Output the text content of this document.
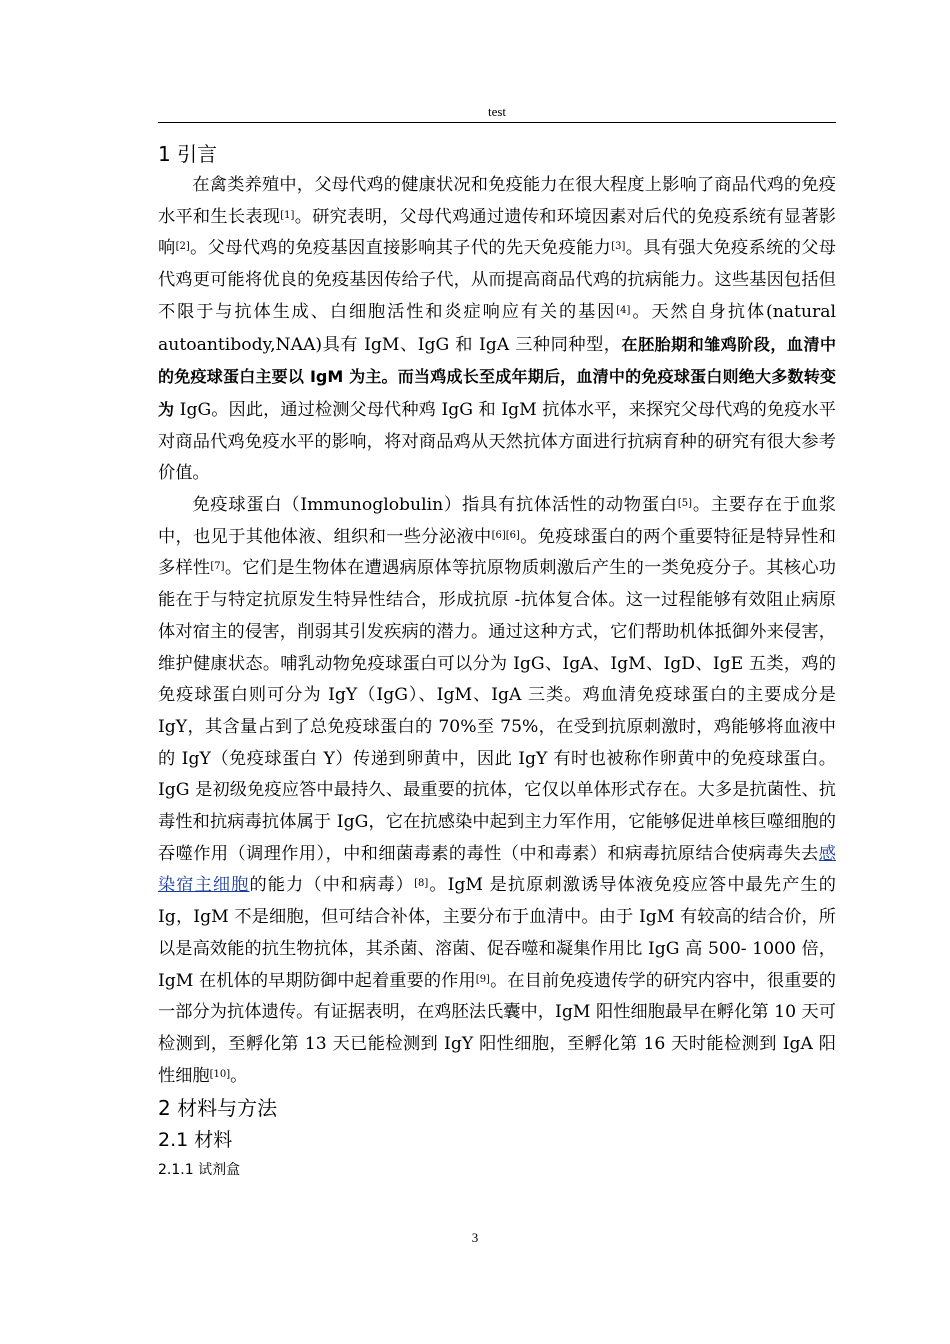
test
1 引言

在禽类养殖中，父母代鸡的健康状况和免疫能力在很大程度上影响了商品代鸡的免疫水平和生长表现[1]。研究表明，父母代鸡通过遗传和环境因素对后代的免疫系统有显著影响[2]。父母代鸡的免疫基因直接影响其子代的先天免疫能力[3]。具有强大免疫系统的父母代鸡更可能将优良的免疫基因传给子代，从而提高商品代鸡的抗病能力。这些基因包括但不限于与抗体生成、白细胞活性和炎症响应有关的基因[4]。天然自身抗体(natural autoantibody,NAA)具有 IgM、IgG 和 IgA 三种同种型，在胚胎期和雏鸡阶段，血清中的免疫球蛋白主要以 IgM 为主。而当鸡成长至成年期后，血清中的免疫球蛋白则绝大多数转变为 IgG。因此，通过检测父母代种鸡 IgG 和 IgM 抗体水平，来探究父母代鸡的免疫水平对商品代鸡免疫水平的影响，将对商品鸡从天然抗体方面进行抗病育种的研究有很大参考价值。

免疫球蛋白（Immunoglobulin）指具有抗体活性的动物蛋白[5]。主要存在于血浆中，也见于其他体液、组织和一些分泌液中[6][6]。免疫球蛋白的两个重要特征是特异性和多样性[7]。它们是生物体在遭遇病原体等抗原物质刺激后产生的一类免疫分子。其核心功能在于与特定抗原发生特异性结合，形成抗原 -抗体复合体。这一过程能够有效阻止病原体对宿主的侵害，削弱其引发疾病的潜力。通过这种方式，它们帮助机体抵御外来侵害，维护健康状态。哺乳动物免疫球蛋白可以分为 IgG、IgA、IgM、IgD、IgE 五类，鸡的免疫球蛋白则可分为 IgY（IgG）、IgM、IgA 三类。鸡血清免疫球蛋白的主要成分是 IgY，其含量占到了总免疫球蛋白的 70%至 75%，在受到抗原刺激时，鸡能够将血液中的 IgY（免疫球蛋白 Y）传递到卵黄中，因此 IgY 有时也被称作卵黄中的免疫球蛋白。IgG 是初级免疫应答中最持久、最重要的抗体，它仅以单体形式存在。大多是抗菌性、抗毒性和抗病毒抗体属于 IgG，它在抗感染中起到主力军作用，它能够促进单核巨噬细胞的吞噬作用（调理作用），中和细菌毒素的毒性（中和毒素）和病毒抗原结合使病毒失去感染宿主细胞的能力（中和病毒）[8]。IgM 是抗原刺激诱导体液免疫应答中最先产生的 Ig，IgM 不是细胞，但可结合补体，主要分布于血清中。由于 IgM 有较高的结合价，所以是高效能的抗生物抗体，其杀菌、溶菌、促吞噬和凝集作用比 IgG 高 500- 1000 倍，IgM 在机体的早期防御中起着重要的作用[9]。在目前免疫遗传学的研究内容中，很重要的一部分为抗体遗传。有证据表明，在鸡胚法氏囊中，IgM 阳性细胞最早在孵化第 10 天可检测到，至孵化第 13 天已能检测到 IgY 阳性细胞，至孵化第 16 天时能检测到 IgA 阳性细胞[10]。

2 材料与方法
2.1 材料
2.1.1 试剂盒
3
